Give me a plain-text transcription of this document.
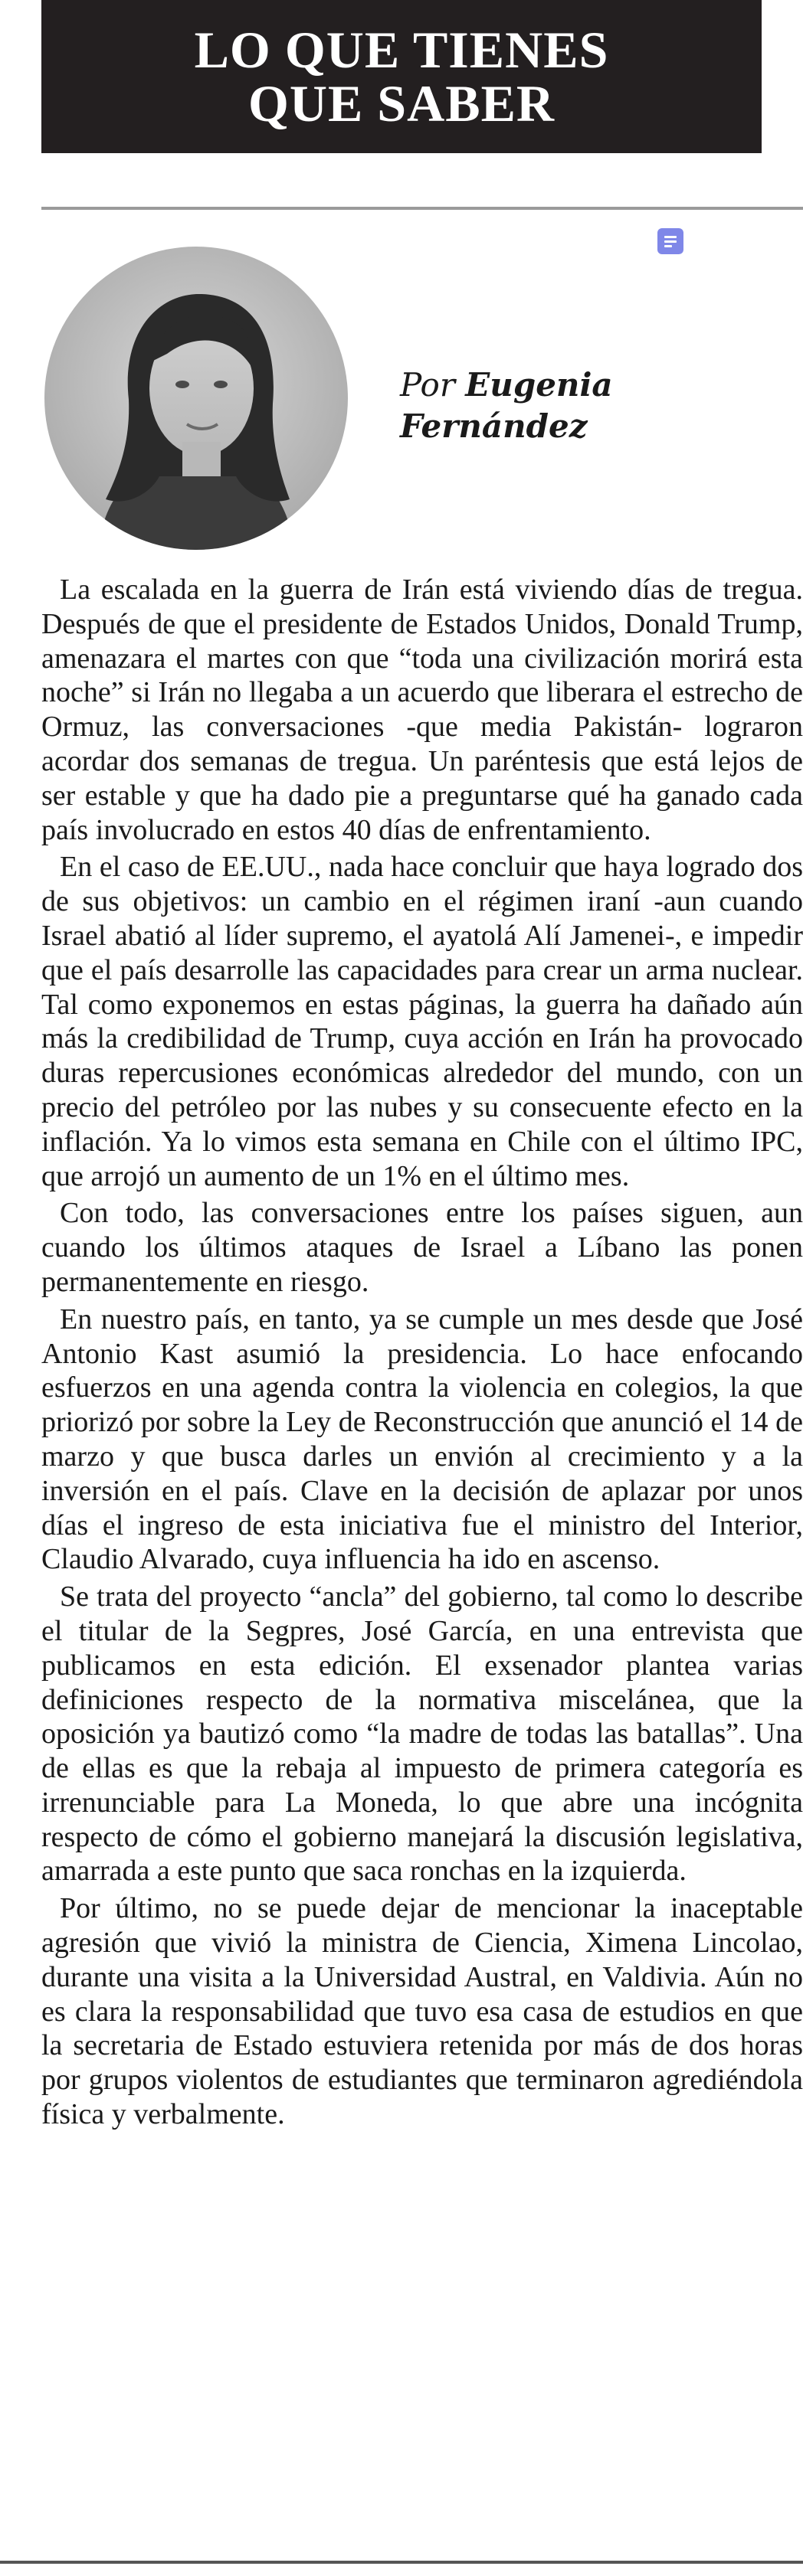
LO QUE TIENES
QUE SABER
Por Eugenia
Fernández

La escalada en la guerra de Irán está viviendo días de tregua. Después de que el presidente de Estados Unidos, Donald Trump, amenazara el martes con que “toda una civilización morirá esta noche” si Irán no llegaba a un acuerdo que liberara el estrecho de Ormuz, las conversaciones -que media Pakistán- lograron acordar dos semanas de tregua. Un paréntesis que está lejos de ser estable y que ha dado pie a preguntarse qué ha ganado cada país involucrado en estos 40 días de enfrentamiento.

En el caso de EE.UU., nada hace concluir que haya logrado dos de sus objetivos: un cambio en el régimen iraní -aun cuando Israel abatió al líder supremo, el ayatolá Alí Jamenei-, e impedir que el país desarrolle las capacidades para crear un arma nuclear. Tal como exponemos en estas páginas, la guerra ha dañado aún más la credibilidad de Trump, cuya acción en Irán ha provocado duras repercusiones económicas alrededor del mundo, con un precio del petróleo por las nubes y su consecuente efecto en la inflación. Ya lo vimos esta semana en Chile con el último IPC, que arrojó un aumento de un 1% en el último mes.

Con todo, las conversaciones entre los países siguen, aun cuando los últimos ataques de Israel a Líbano las ponen permanentemente en riesgo.

En nuestro país, en tanto, ya se cumple un mes desde que José Antonio Kast asumió la presidencia. Lo hace enfocando esfuerzos en una agenda contra la violencia en colegios, la que priorizó por sobre la Ley de Reconstrucción que anunció el 14 de marzo y que busca darles un envión al crecimiento y a la inversión en el país. Clave en la decisión de aplazar por unos días el ingreso de esta iniciativa fue el ministro del Interior, Claudio Alvarado, cuya influencia ha ido en ascenso.

Se trata del proyecto “ancla” del gobierno, tal como lo describe el titular de la Segpres, José García, en una entrevista que publicamos en esta edición. El exsenador plantea varias definiciones respecto de la normativa miscelánea, que la oposición ya bautizó como “la madre de todas las batallas”. Una de ellas es que la rebaja al impuesto de primera categoría es irrenunciable para La Moneda, lo que abre una incógnita respecto de cómo el gobierno manejará la discusión legislativa, amarrada a este punto que saca ronchas en la izquierda.

Por último, no se puede dejar de mencionar la inaceptable agresión que vivió la ministra de Ciencia, Ximena Lincolao, durante una visita a la Universidad Austral, en Valdivia. Aún no es clara la responsabilidad que tuvo esa casa de estudios en que la secretaria de Estado estuviera retenida por más de dos horas por grupos violentos de estudiantes que terminaron agrediéndola física y verbalmente.
